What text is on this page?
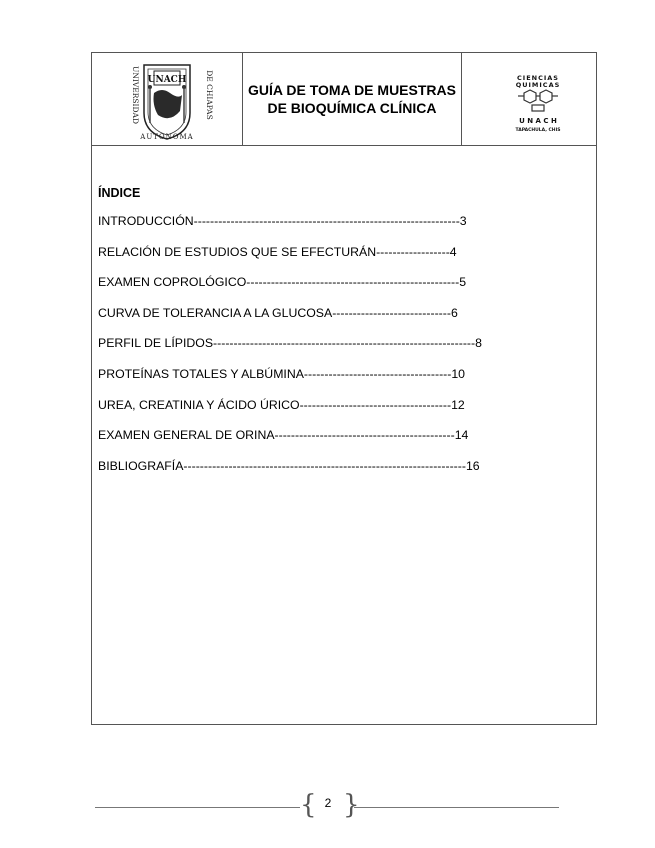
UNIVERSIDAD	DE CHIAPAS
UNACH
AUTONOMA
GUÍA DE TOMA DE MUESTRAS DE BIOQUÍMICA CLÍNICA
CIENCIAS
QUIMICAS
U N A C H
TAPACHULA, CHIS
ÍNDICE
INTRODUCCIÓN-----------------------------------------------------------------3
RELACIÓN DE ESTUDIOS QUE SE EFECTURÁN------------------4
EXAMEN COPROLÓGICO----------------------------------------------------5
CURVA DE TOLERANCIA A LA GLUCOSA-----------------------------6
PERFIL DE LÍPIDOS----------------------------------------------------------------8
PROTEÍNAS TOTALES Y ALBÚMINA------------------------------------10
UREA, CREATINIA Y ÁCIDO ÚRICO-------------------------------------12
EXAMEN GENERAL DE ORINA--------------------------------------------14
BIBLIOGRAFÍA---------------------------------------------------------------------16
{ }
2
